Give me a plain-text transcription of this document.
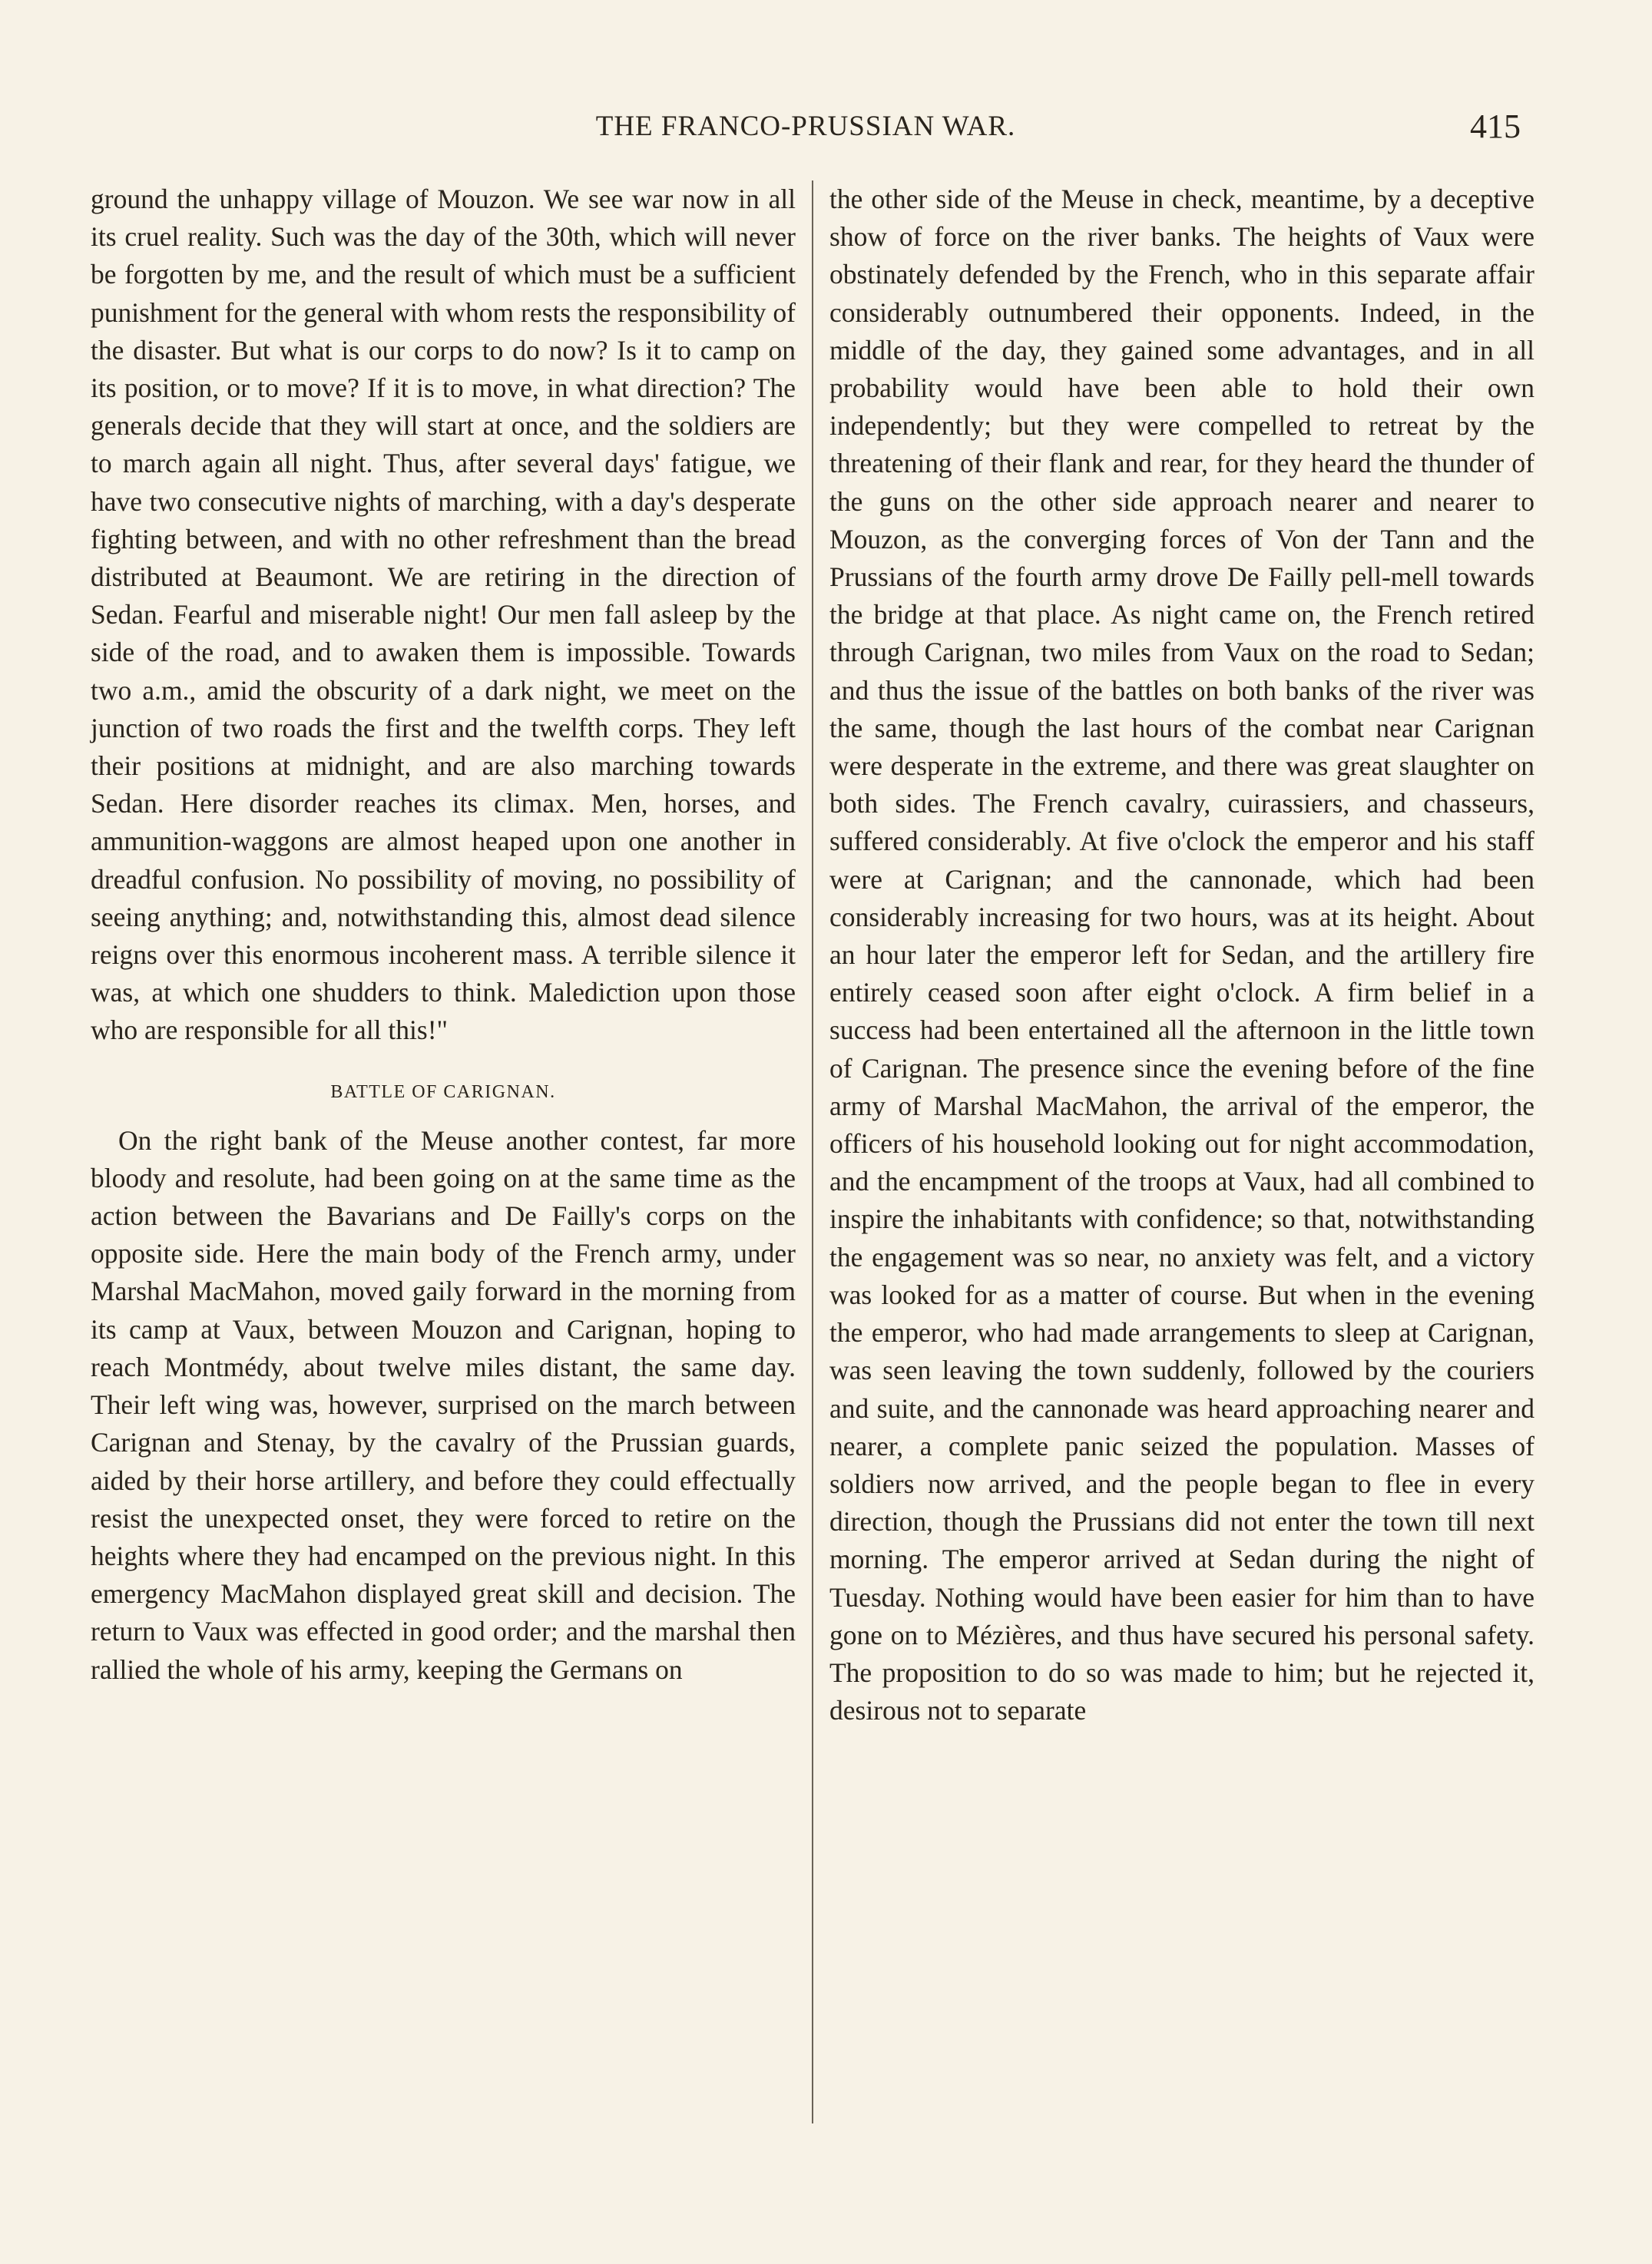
THE FRANCO-PRUSSIAN WAR.	415

ground the unhappy village of Mouzon. We see war now in all its cruel reality. Such was the day of the 30th, which will never be forgotten by me, and the result of which must be a sufficient punishment for the general with whom rests the responsibility of the disaster. But what is our corps to do now? Is it to camp on its position, or to move? If it is to move, in what direction? The generals decide that they will start at once, and the soldiers are to march again all night. Thus, after several days' fatigue, we have two consecutive nights of marching, with a day's desperate fighting between, and with no other refreshment than the bread distributed at Beaumont. We are retiring in the direction of Sedan. Fearful and miserable night! Our men fall asleep by the side of the road, and to awaken them is impossible. Towards two a.m., amid the obscurity of a dark night, we meet on the junction of two roads the first and the twelfth corps. They left their positions at midnight, and are also marching towards Sedan. Here disorder reaches its climax. Men, horses, and ammunition-waggons are almost heaped upon one another in dreadful confusion. No possibility of moving, no possibility of seeing anything; and, notwithstanding this, almost dead silence reigns over this enormous incoherent mass. A terrible silence it was, at which one shudders to think. Malediction upon those who are responsible for all this!"

BATTLE OF CARIGNAN.

On the right bank of the Meuse another contest, far more bloody and resolute, had been going on at the same time as the action between the Bavarians and De Failly's corps on the opposite side. Here the main body of the French army, under Marshal MacMahon, moved gaily forward in the morning from its camp at Vaux, between Mouzon and Carignan, hoping to reach Montmédy, about twelve miles distant, the same day. Their left wing was, however, surprised on the march between Carignan and Stenay, by the cavalry of the Prussian guards, aided by their horse artillery, and before they could effectually resist the unexpected onset, they were forced to retire on the heights where they had encamped on the previous night. In this emergency MacMahon displayed great skill and decision. The return to Vaux was effected in good order; and the marshal then rallied the whole of his army, keeping the Germans on

the other side of the Meuse in check, meantime, by a deceptive show of force on the river banks. The heights of Vaux were obstinately defended by the French, who in this separate affair considerably outnumbered their opponents. Indeed, in the middle of the day, they gained some advantages, and in all probability would have been able to hold their own independently; but they were compelled to retreat by the threatening of their flank and rear, for they heard the thunder of the guns on the other side approach nearer and nearer to Mouzon, as the converging forces of Von der Tann and the Prussians of the fourth army drove De Failly pell-mell towards the bridge at that place. As night came on, the French retired through Carignan, two miles from Vaux on the road to Sedan; and thus the issue of the battles on both banks of the river was the same, though the last hours of the combat near Carignan were desperate in the extreme, and there was great slaughter on both sides. The French cavalry, cuirassiers, and chasseurs, suffered considerably. At five o'clock the emperor and his staff were at Carignan; and the cannonade, which had been considerably increasing for two hours, was at its height. About an hour later the emperor left for Sedan, and the artillery fire entirely ceased soon after eight o'clock. A firm belief in a success had been entertained all the afternoon in the little town of Carignan. The presence since the evening before of the fine army of Marshal MacMahon, the arrival of the emperor, the officers of his household looking out for night accommodation, and the encampment of the troops at Vaux, had all combined to inspire the inhabitants with confidence; so that, notwithstanding the engagement was so near, no anxiety was felt, and a victory was looked for as a matter of course. But when in the evening the emperor, who had made arrangements to sleep at Carignan, was seen leaving the town suddenly, followed by the couriers and suite, and the cannonade was heard approaching nearer and nearer, a complete panic seized the population. Masses of soldiers now arrived, and the people began to flee in every direction, though the Prussians did not enter the town till next morning. The emperor arrived at Sedan during the night of Tuesday. Nothing would have been easier for him than to have gone on to Mézières, and thus have secured his personal safety. The proposition to do so was made to him; but he rejected it, desirous not to separate
